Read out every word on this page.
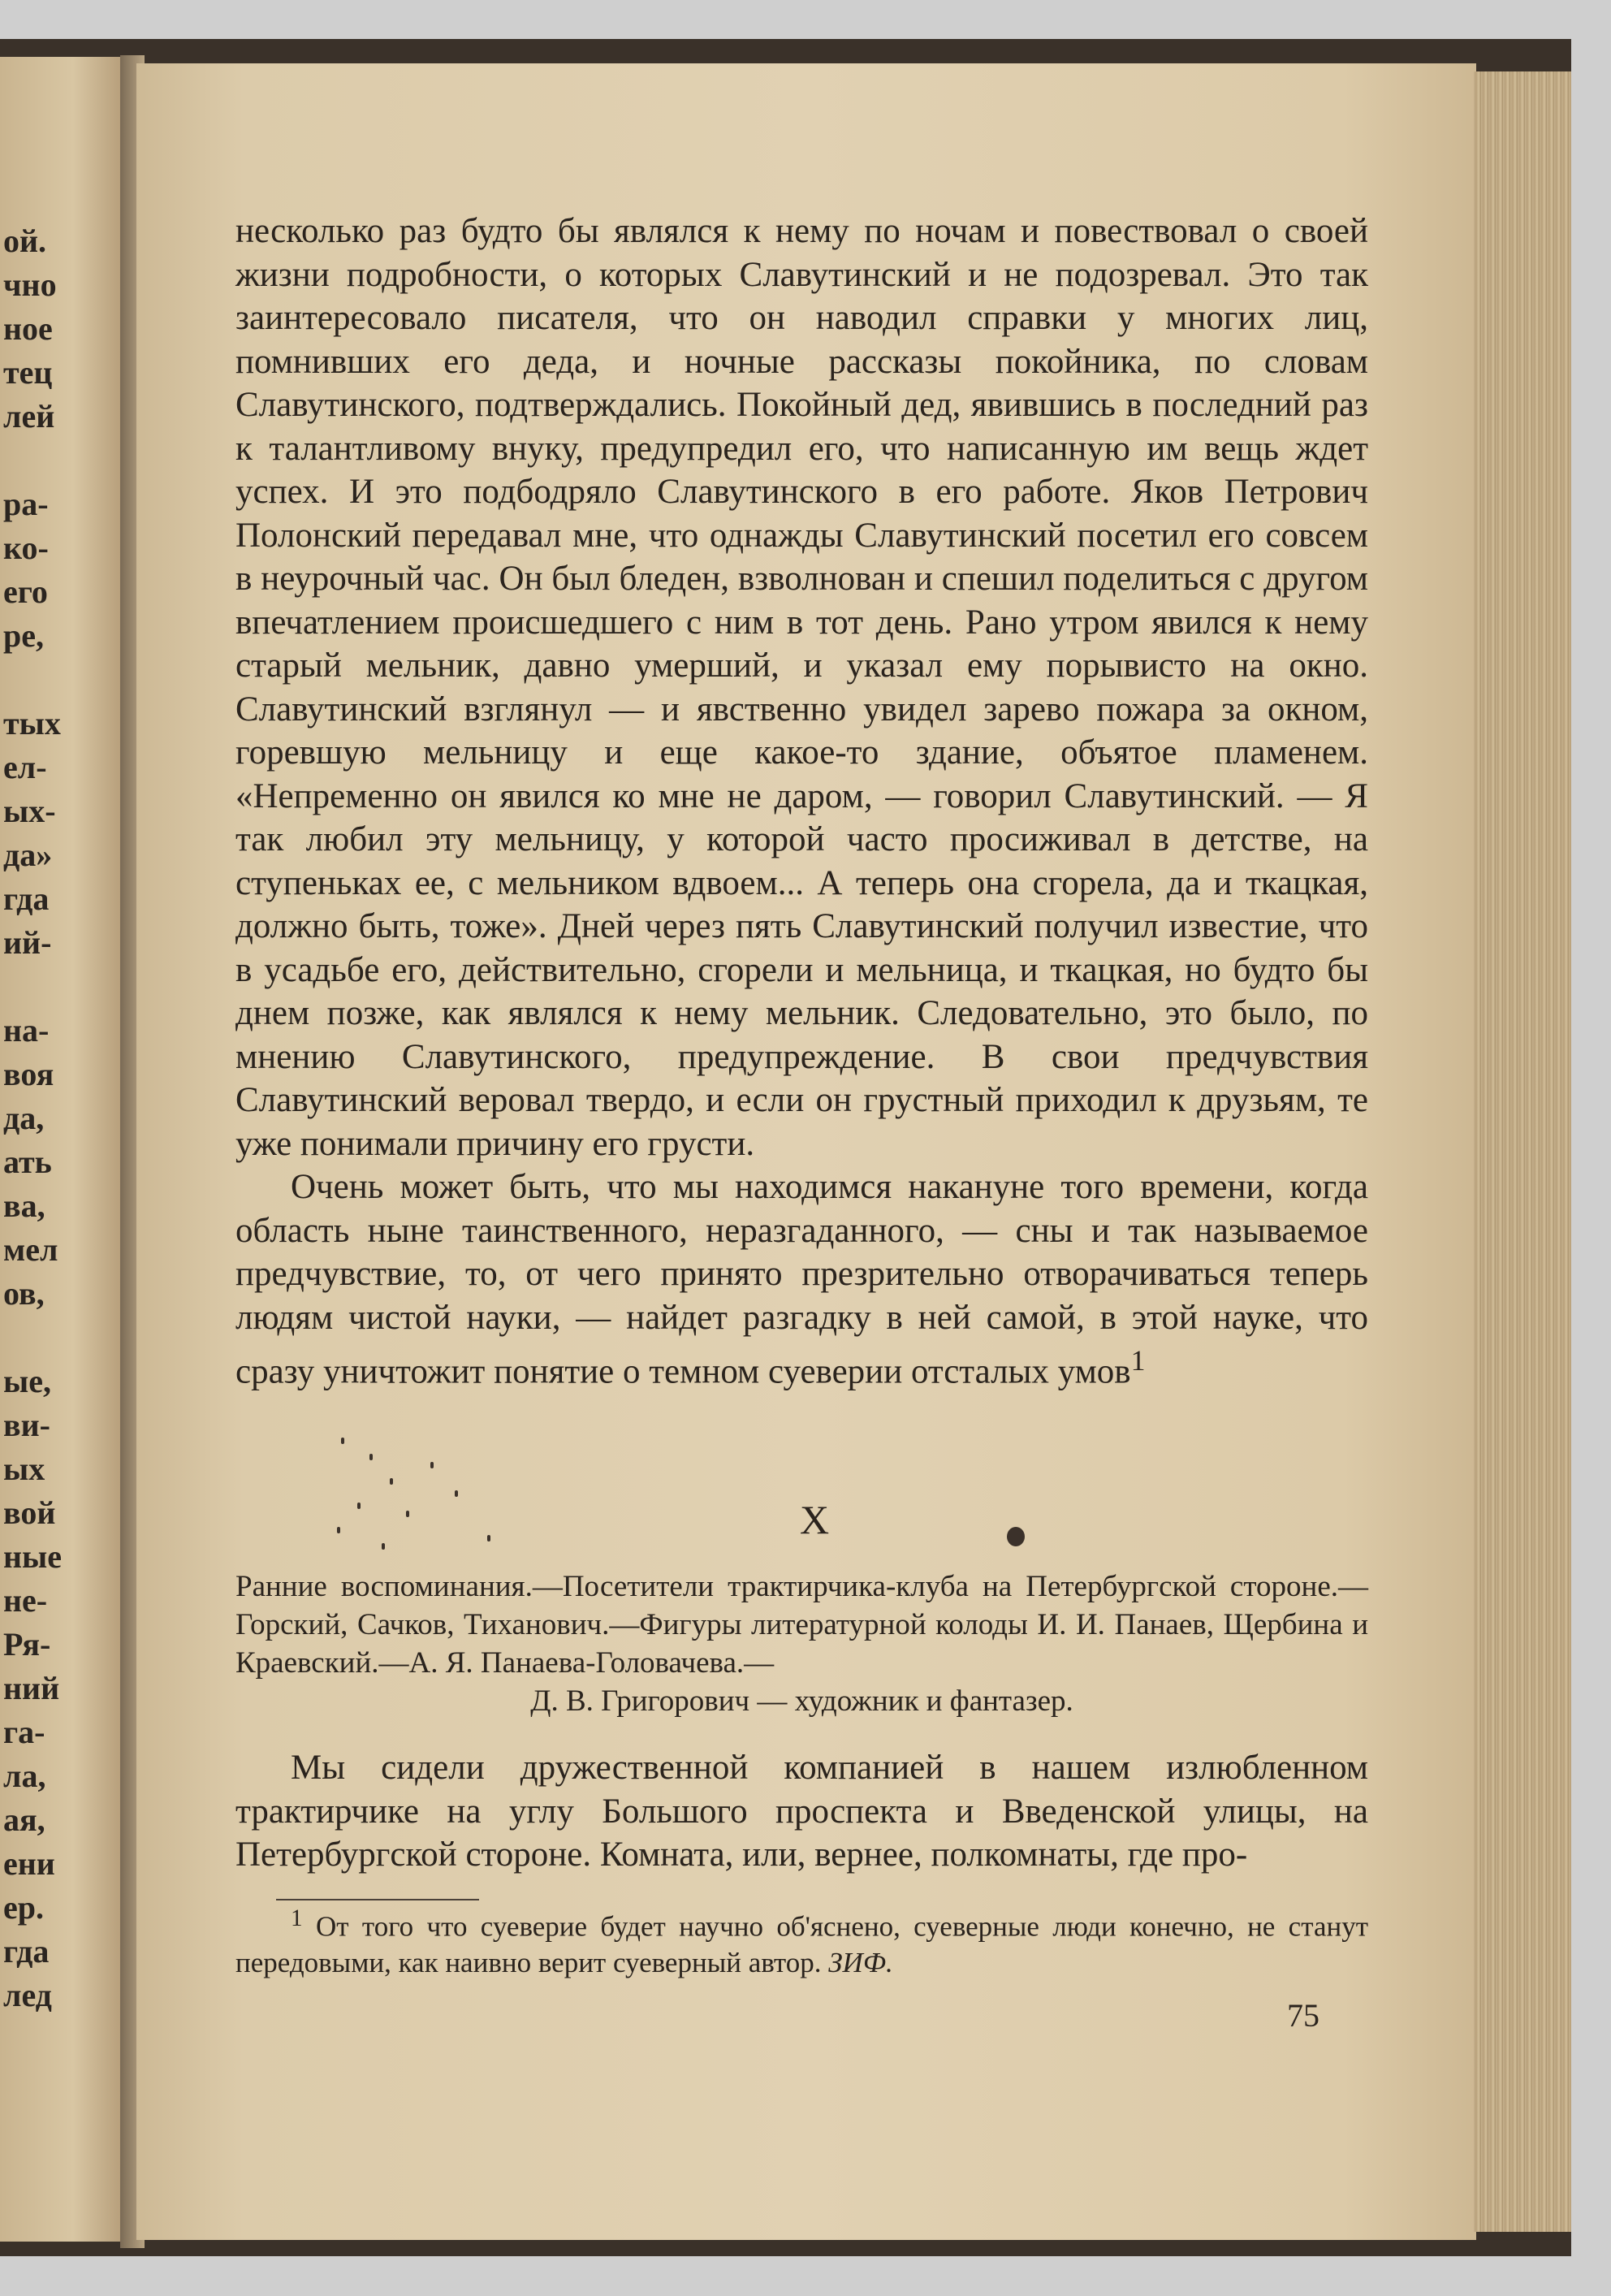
ой.
чно
ное
тец
лей

ра-
ко-
его
ре,

тых
ел-
ых-
да»
гда
ий-

на-
воя
да,
ать
ва,
мел
ов,

ые,
ви-
ых
вой
ные
не-
Ря-
ний
га-
ла,
ая,
ени
ер.
гда
лед

несколько раз будто бы являлся к нему по ночам и повествовал о своей жизни подробности, о которых Славутинский и не подозревал. Это так заинтересовало писателя, что он наводил справки у многих лиц, помнивших его деда, и ночные рассказы покойника, по словам Славутинского, подтверждались. Покойный дед, явившись в последний раз к талантливому внуку, предупредил его, что написанную им вещь ждет успех. И это подбодряло Славутинского в его работе. Яков Петрович Полонский передавал мне, что однажды Славутинский посетил его совсем в неурочный час. Он был бледен, взволнован и спешил поделиться с другом впечатлением происшедшего с ним в тот день. Рано утром явился к нему старый мельник, давно умерший, и указал ему порывисто на окно. Славутинский взглянул — и явственно увидел зарево пожара за окном, горевшую мельницу и еще какое-то здание, объятое пламенем. «Непременно он явился ко мне не даром, — говорил Славутинский. — Я так любил эту мельницу, у которой часто просиживал в детстве, на ступеньках ее, с мельником вдвоем... А теперь она сгорела, да и ткацкая, должно быть, тоже». Дней через пять Славутинский получил известие, что в усадьбе его, действительно, сгорели и мельница, и ткацкая, но будто бы днем позже, как являлся к нему мельник. Следовательно, это было, по мнению Славутинского, предупреждение. В свои предчувствия Славутинский веровал твердо, и если он грустный приходил к друзьям, те уже понимали причину его грусти.

Очень может быть, что мы находимся накануне того времени, когда область ныне таинственного, неразгаданного, — сны и так называемое предчувствие, то, от чего принято презрительно отворачиваться теперь людям чистой науки, — найдет разгадку в ней самой, в этой науке, что сразу уничтожит понятие о темном суеверии отсталых умов$^1$

X

Ранние воспоминания.—Посетители трактирчика-клуба на Петербургской стороне.—Горский, Сачков, Тиханович.—Фигуры литературной колоды И. И. Панаев, Щербина и Краевский.—А. Я. Панаева-Головачева.—

Д. В. Григорович — художник и фантазер.

Мы сидели дружественной компанией в нашем излюбленном трактирчике на углу Большого проспекта и Введенской улицы, на Петербургской стороне. Комната, или, вернее, полкомнаты, где про-

$^1$ От того что суеверие будет научно об'яснено, суеверные люди конечно, не станут передовыми, как наивно верит суеверный автор. ЗИФ.

75
